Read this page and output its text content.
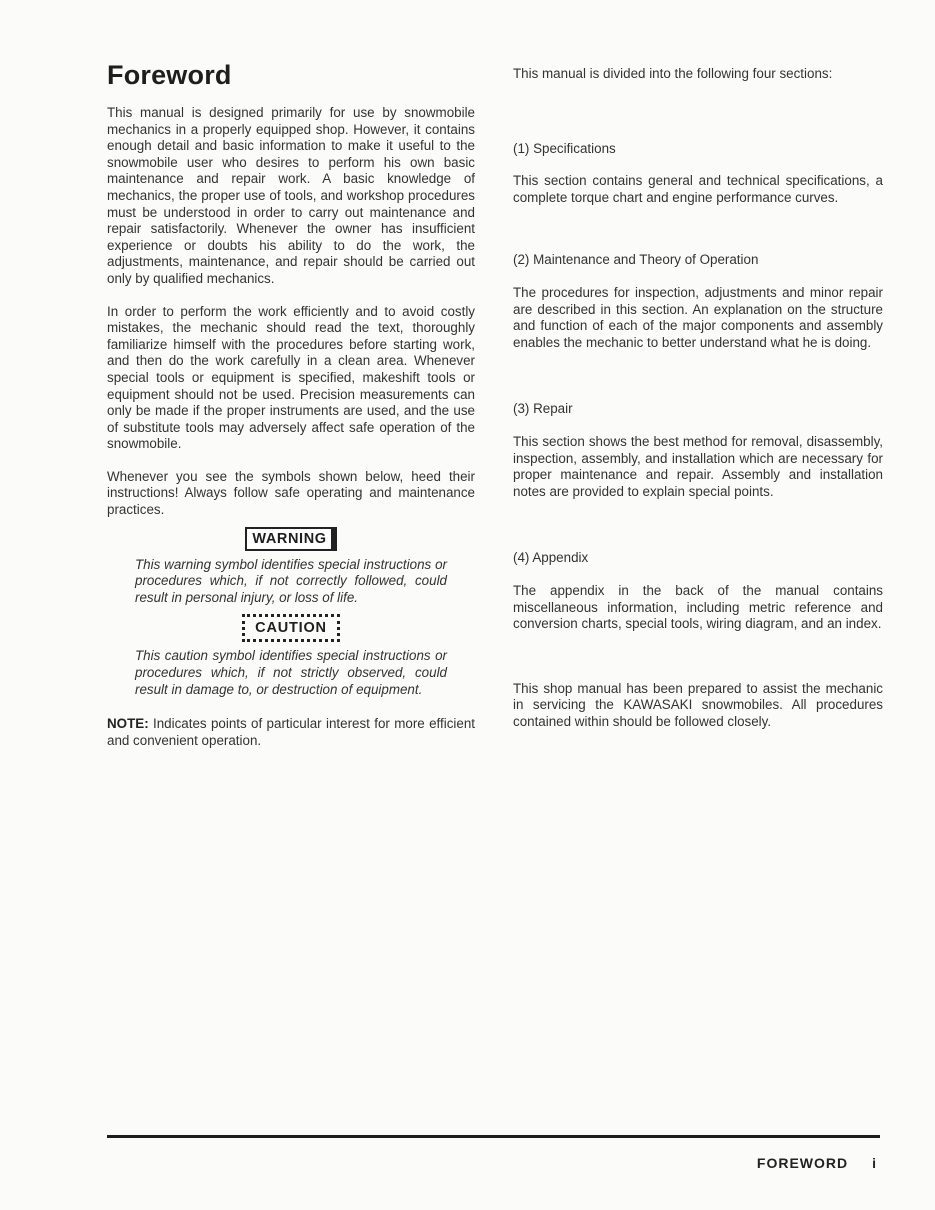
Foreword

This manual is designed primarily for use by snowmobile mechanics in a properly equipped shop. However, it contains enough detail and basic information to make it useful to the snowmobile user who desires to perform his own basic maintenance and repair work. A basic knowledge of mechanics, the proper use of tools, and workshop procedures must be understood in order to carry out maintenance and repair satisfactorily. Whenever the owner has insufficient experience or doubts his ability to do the work, the adjustments, maintenance, and repair should be carried out only by qualified mechanics.

In order to perform the work efficiently and to avoid costly mistakes, the mechanic should read the text, thoroughly familiarize himself with the procedures before starting work, and then do the work carefully in a clean area. Whenever special tools or equipment is specified, makeshift tools or equipment should not be used. Precision measurements can only be made if the proper instruments are used, and the use of substitute tools may adversely affect safe operation of the snowmobile.

Whenever you see the symbols shown below, heed their instructions! Always follow safe operating and maintenance practices.

WARNING

This warning symbol identifies special instructions or procedures which, if not correctly followed, could result in personal injury, or loss of life.

CAUTION

This caution symbol identifies special instructions or procedures which, if not strictly observed, could result in damage to, or destruction of equipment.

NOTE: Indicates points of particular interest for more efficient and convenient operation.

This manual is divided into the following four sections:

(1) Specifications

This section contains general and technical specifications, a complete torque chart and engine performance curves.

(2) Maintenance and Theory of Operation

The procedures for inspection, adjustments and minor repair are described in this section. An explanation on the structure and function of each of the major components and assembly enables the mechanic to better understand what he is doing.

(3) Repair

This section shows the best method for removal, disassembly, inspection, assembly, and installation which are necessary for proper maintenance and repair. Assembly and installation notes are provided to explain special points.

(4) Appendix

The appendix in the back of the manual contains miscellaneous information, including metric reference and conversion charts, special tools, wiring diagram, and an index.

This shop manual has been prepared to assist the mechanic in servicing the KAWASAKI snowmobiles. All procedures contained within should be followed closely.

FOREWORD i
